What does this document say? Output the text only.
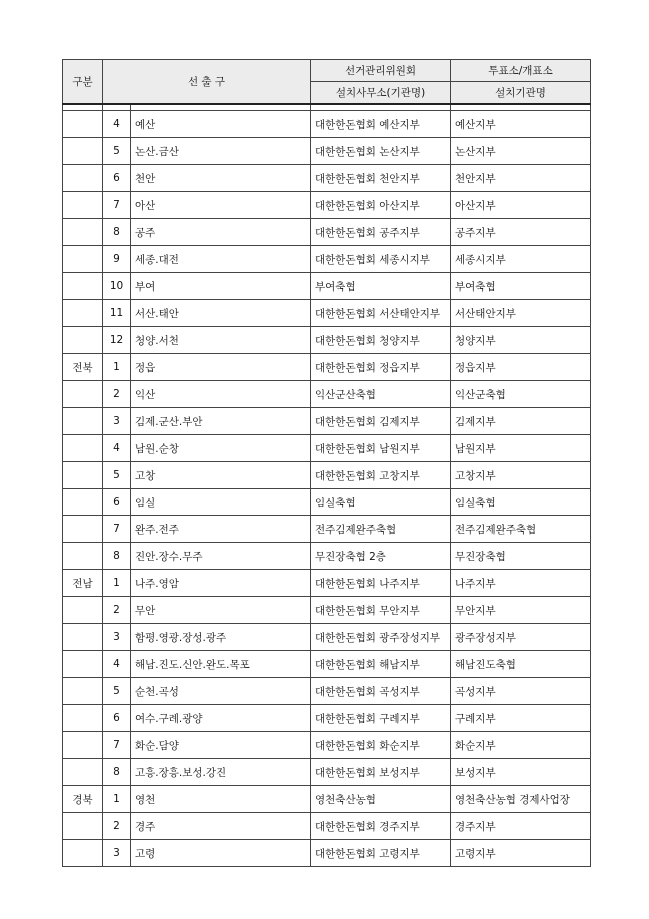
구분	선 출 구		선거관리위원회	투표소/개표소
			설치사무소(기관명)	설치기관명

	4	예산	대한한돈협회 예산지부	예산지부
	5	논산.금산	대한한돈협회 논산지부	논산지부
	6	천안	대한한돈협회 천안지부	천안지부
	7	아산	대한한돈협회 아산지부	아산지부
	8	공주	대한한돈협회 공주지부	공주지부
	9	세종.대전	대한한돈협회 세종시지부	세종시지부
	10	부여	부여축협	부여축협
	11	서산.태안	대한한돈협회 서산태안지부	서산태안지부
	12	청양.서천	대한한돈협회 청양지부	청양지부
전북	1	정읍	대한한돈협회 정읍지부	정읍지부
	2	익산	익산군산축협	익산군축협
	3	김제.군산.부안	대한한돈협회 김제지부	김제지부
	4	남원.순창	대한한돈협회 남원지부	남원지부
	5	고창	대한한돈협회 고창지부	고창지부
	6	임실	임실축협	임실축협
	7	완주.전주	전주김제완주축협	전주김제완주축협
	8	진안.장수.무주	무진장축협 2층	무진장축협
전남	1	나주.영암	대한한돈협회 나주지부	나주지부
	2	무안	대한한돈협회 무안지부	무안지부
	3	함평.영광.장성.광주	대한한돈협회 광주장성지부	광주장성지부
	4	해남.진도.신안.완도.목포	대한한돈협회 해남지부	해남진도축협
	5	순천.곡성	대한한돈협회 곡성지부	곡성지부
	6	여수.구례.광양	대한한돈협회 구례지부	구례지부
	7	화순.담양	대한한돈협회 화순지부	화순지부
	8	고흥.장흥.보성.강진	대한한돈협회 보성지부	보성지부
경북	1	영천	영천축산농협	영천축산농협 경제사업장
	2	경주	대한한돈협회 경주지부	경주지부
	3	고령	대한한돈협회 고령지부	고령지부
